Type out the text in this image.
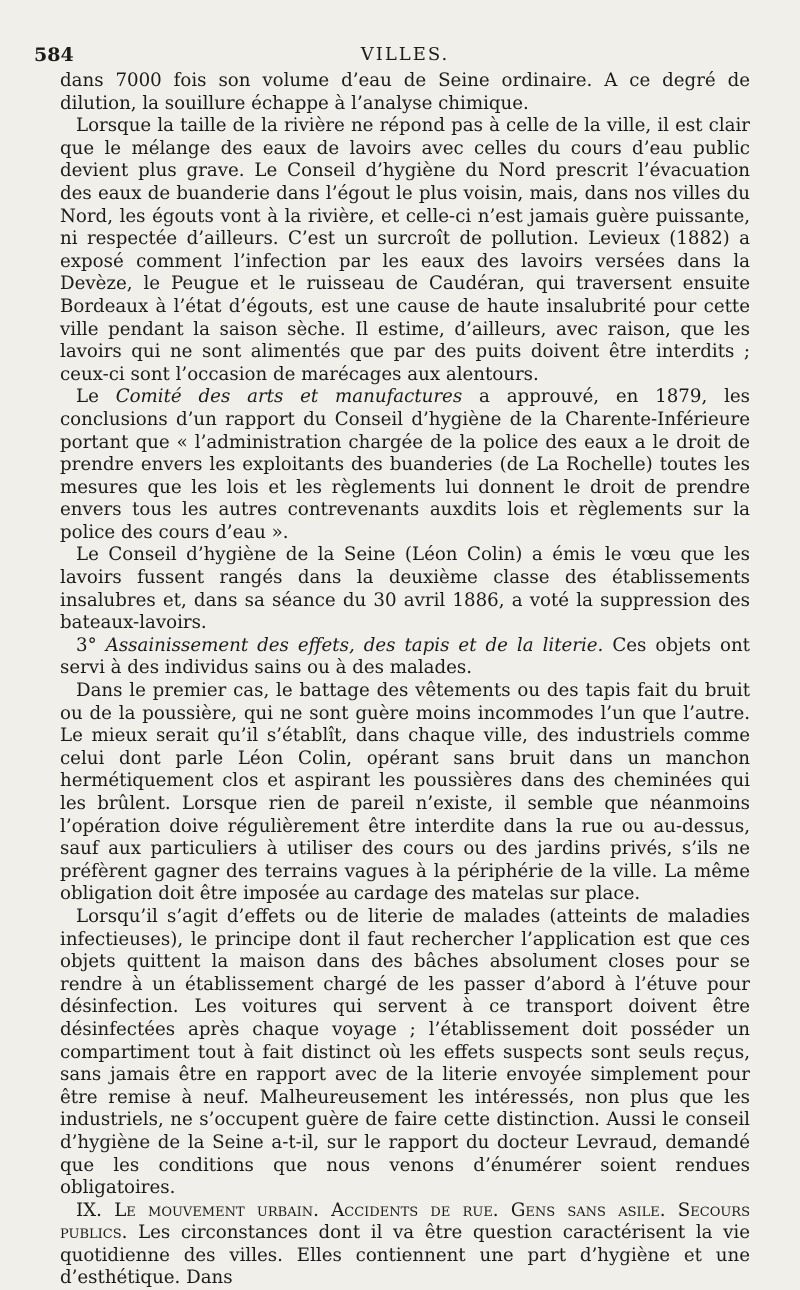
584	VILLES.

dans 7000 fois son volume d’eau de Seine ordinaire. A ce degré de dilution, la souillure échappe à l’analyse chimique.

Lorsque la taille de la rivière ne répond pas à celle de la ville, il est clair que le mélange des eaux de lavoirs avec celles du cours d’eau public devient plus grave. Le Conseil d’hygiène du Nord prescrit l’évacuation des eaux de buanderie dans l’égout le plus voisin, mais, dans nos villes du Nord, les égouts vont à la rivière, et celle-ci n’est jamais guère puissante, ni respectée d’ailleurs. C’est un surcroît de pollution. Levieux (1882) a exposé comment l’infection par les eaux des lavoirs versées dans la Devèze, le Peugue et le ruisseau de Caudéran, qui traversent ensuite Bordeaux à l’état d’égouts, est une cause de haute insalubrité pour cette ville pendant la saison sèche. Il estime, d’ailleurs, avec raison, que les lavoirs qui ne sont alimentés que par des puits doivent être interdits ; ceux-ci sont l’occasion de marécages aux alentours.

Le Comité des arts et manufactures a approuvé, en 1879, les conclusions d’un rapport du Conseil d’hygiène de la Charente-Inférieure portant que « l’administration chargée de la police des eaux a le droit de prendre envers les exploitants des buanderies (de La Rochelle) toutes les mesures que les lois et les règlements lui donnent le droit de prendre envers tous les autres contrevenants auxdits lois et règlements sur la police des cours d’eau ».

Le Conseil d’hygiène de la Seine (Léon Colin) a émis le vœu que les lavoirs fussent rangés dans la deuxième classe des établissements insalubres et, dans sa séance du 30 avril 1886, a voté la suppression des bateaux-lavoirs.

3° Assainissement des effets, des tapis et de la literie. Ces objets ont servi à des individus sains ou à des malades.

Dans le premier cas, le battage des vêtements ou des tapis fait du bruit ou de la poussière, qui ne sont guère moins incommodes l’un que l’autre. Le mieux serait qu’il s’établît, dans chaque ville, des industriels comme celui dont parle Léon Colin, opérant sans bruit dans un manchon hermétiquement clos et aspirant les poussières dans des cheminées qui les brûlent. Lorsque rien de pareil n’existe, il semble que néanmoins l’opération doive régulièrement être interdite dans la rue ou au-dessus, sauf aux particuliers à utiliser des cours ou des jardins privés, s’ils ne préfèrent gagner des terrains vagues à la périphérie de la ville. La même obligation doit être imposée au cardage des matelas sur place.

Lorsqu’il s’agit d’effets ou de literie de malades (atteints de maladies infectieuses), le principe dont il faut rechercher l’application est que ces objets quittent la maison dans des bâches absolument closes pour se rendre à un établissement chargé de les passer d’abord à l’étuve pour désinfection. Les voitures qui servent à ce transport doivent être désinfectées après chaque voyage ; l’établissement doit posséder un compartiment tout à fait distinct où les effets suspects sont seuls reçus, sans jamais être en rapport avec de la literie envoyée simplement pour être remise à neuf. Malheureusement les intéressés, non plus que les industriels, ne s’occupent guère de faire cette distinction. Aussi le conseil d’hygiène de la Seine a-t-il, sur le rapport du docteur Levraud, demandé que les conditions que nous venons d’énumérer soient rendues obligatoires.

IX. Le mouvement urbain. Accidents de rue. Gens sans asile. Secours publics. Les circonstances dont il va être question caractérisent la vie quotidienne des villes. Elles contiennent une part d’hygiène et une d’esthétique. Dans
